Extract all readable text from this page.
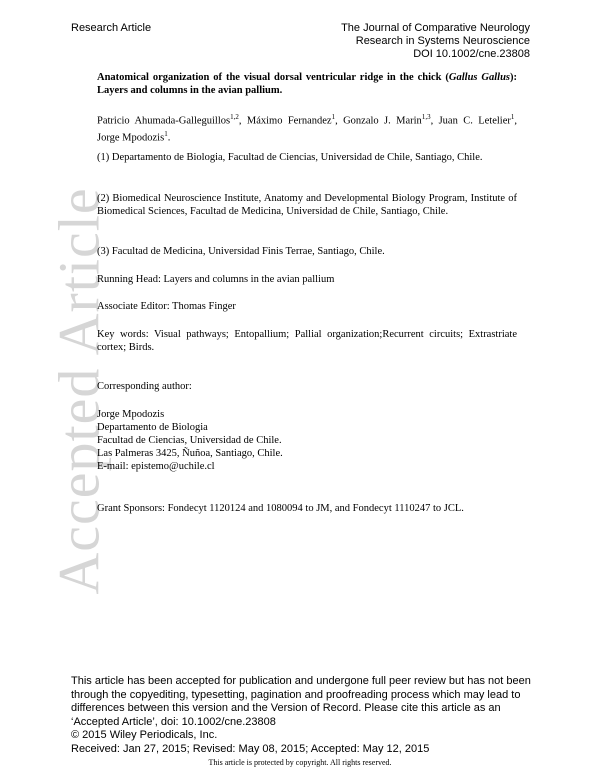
Accepted Article
Research Article	The Journal of Comparative Neurology
Research in Systems Neuroscience
DOI 10.1002/cne.23808
Anatomical organization of the visual dorsal ventricular ridge in the chick (Gallus Gallus): Layers and columns in the avian pallium.
Patricio Ahumada-Galleguillos$^{1,2}$, Máximo Fernandez$^1$, Gonzalo J. Marin$^{1,3}$, Juan C. Letelier$^1$, Jorge Mpodozis$^1$.
(1) Departamento de Biologia, Facultad de Ciencias, Universidad de Chile, Santiago, Chile.
(2) Biomedical Neuroscience Institute, Anatomy and Developmental Biology Program, Institute of Biomedical Sciences, Facultad de Medicina, Universidad de Chile, Santiago, Chile.
(3) Facultad de Medicina, Universidad Finis Terrae, Santiago, Chile.
Running Head: Layers and columns in the avian pallium
Associate Editor: Thomas Finger
Key words: Visual pathways; Entopallium; Pallial organization;Recurrent circuits; Extrastriate cortex; Birds.
Corresponding author:
Jorge Mpodozis
Departamento de Biologia
Facultad de Ciencias, Universidad de Chile.
Las Palmeras 3425, Ñuñoa, Santiago, Chile.
E-mail: epistemo@uchile.cl
Grant Sponsors: Fondecyt 1120124 and 1080094 to JM, and Fondecyt 1110247 to JCL.
This article has been accepted for publication and undergone full peer review but has not been
through the copyediting, typesetting, pagination and proofreading process which may lead to
differences between this version and the Version of Record. Please cite this article as an
‘Accepted Article’, doi: 10.1002/cne.23808
© 2015 Wiley Periodicals, Inc.
Received: Jan 27, 2015; Revised: May 08, 2015; Accepted: May 12, 2015
This article is protected by copyright. All rights reserved.
